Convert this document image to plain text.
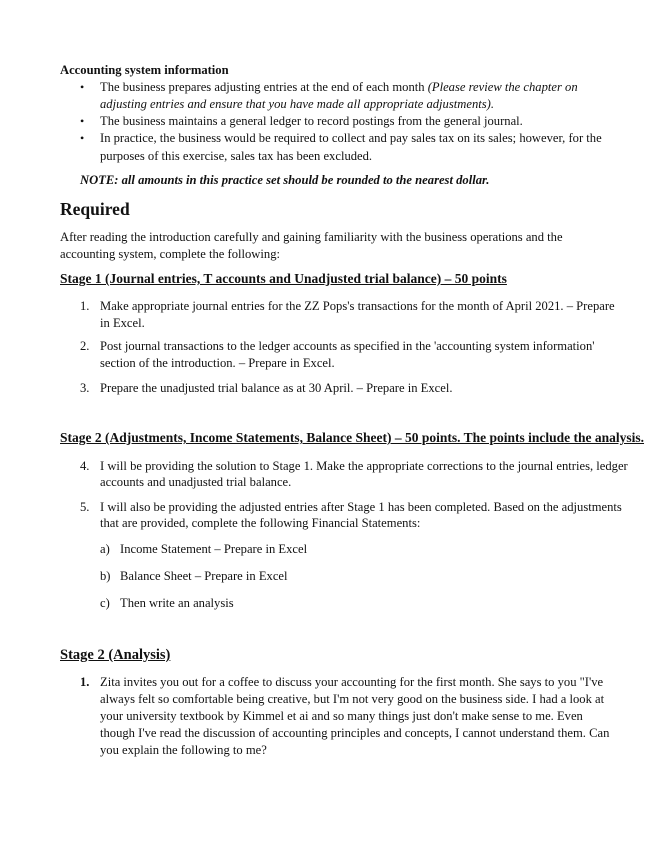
Accounting system information
• The business prepares adjusting entries at the end of each month (Please review the chapter on
adjusting entries and ensure that you have made all appropriate adjustments).
• The business maintains a general ledger to record postings from the general journal.
• In practice, the business would be required to collect and pay sales tax on its sales; however, for the
purposes of this exercise, sales tax has been excluded.
NOTE: all amounts in this practice set should be rounded to the nearest dollar.
Required
After reading the introduction carefully and gaining familiarity with the business operations and the
accounting system, complete the following:
Stage 1 (Journal entries, T accounts and Unadjusted trial balance) – 50 points
1. Make appropriate journal entries for the ZZ Pops's transactions for the month of April 2021. – Prepare
in Excel.
2. Post journal transactions to the ledger accounts as specified in the 'accounting system information'
section of the introduction. – Prepare in Excel.
3. Prepare the unadjusted trial balance as at 30 April. – Prepare in Excel.
Stage 2 (Adjustments, Income Statements, Balance Sheet) – 50 points. The points include the analysis.
4. I will be providing the solution to Stage 1. Make the appropriate corrections to the journal entries, ledger
accounts and unadjusted trial balance.
5. I will also be providing the adjusted entries after Stage 1 has been completed. Based on the adjustments
that are provided, complete the following Financial Statements:
a) Income Statement – Prepare in Excel
b) Balance Sheet – Prepare in Excel
c) Then write an analysis
Stage 2 (Analysis)
1. Zita invites you out for a coffee to discuss your accounting for the first month. She says to you "I've
always felt so comfortable being creative, but I'm not very good on the business side. I had a look at
your university textbook by Kimmel et ai and so many things just don't make sense to me. Even
though I've read the discussion of accounting principles and concepts, I cannot understand them. Can
you explain the following to me?
